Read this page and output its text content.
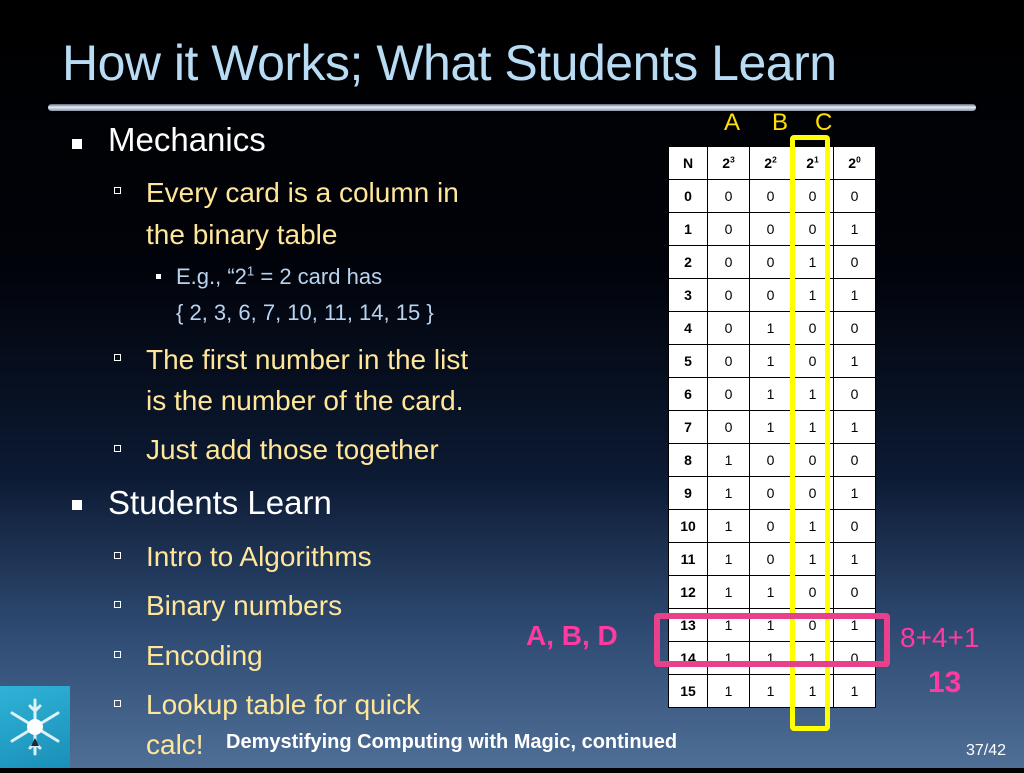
How it Works; What Students Learn
Mechanics
Every card is a column in
the binary table
E.g., “$2^1 = 2$ card has
{ 2, 3, 6, 7, 10, 11, 14, 15 }
The first number in the list
is the number of the card.
Just add those together
Students Learn
Intro to Algorithms
Binary numbers
Encoding
Lookup table for quick
calc!
A B C
N	$2^3$	$2^2$	$2^1$	$2^0$
0	0	0	0	0
1	0	0	0	1
2	0	0	1	0
3	0	0	1	1
4	0	1	0	0
5	0	1	0	1
6	0	1	1	0
7	0	1	1	1
8	1	0	0	0
9	1	0	0	1
10	1	0	1	0
11	1	0	1	1
12	1	1	0	0
13	1	1	0	1
14	1	1	1	0
15	1	1	1	1
A, B, D	8+4+1
13
Demystifying Computing with Magic, continued	37/42
